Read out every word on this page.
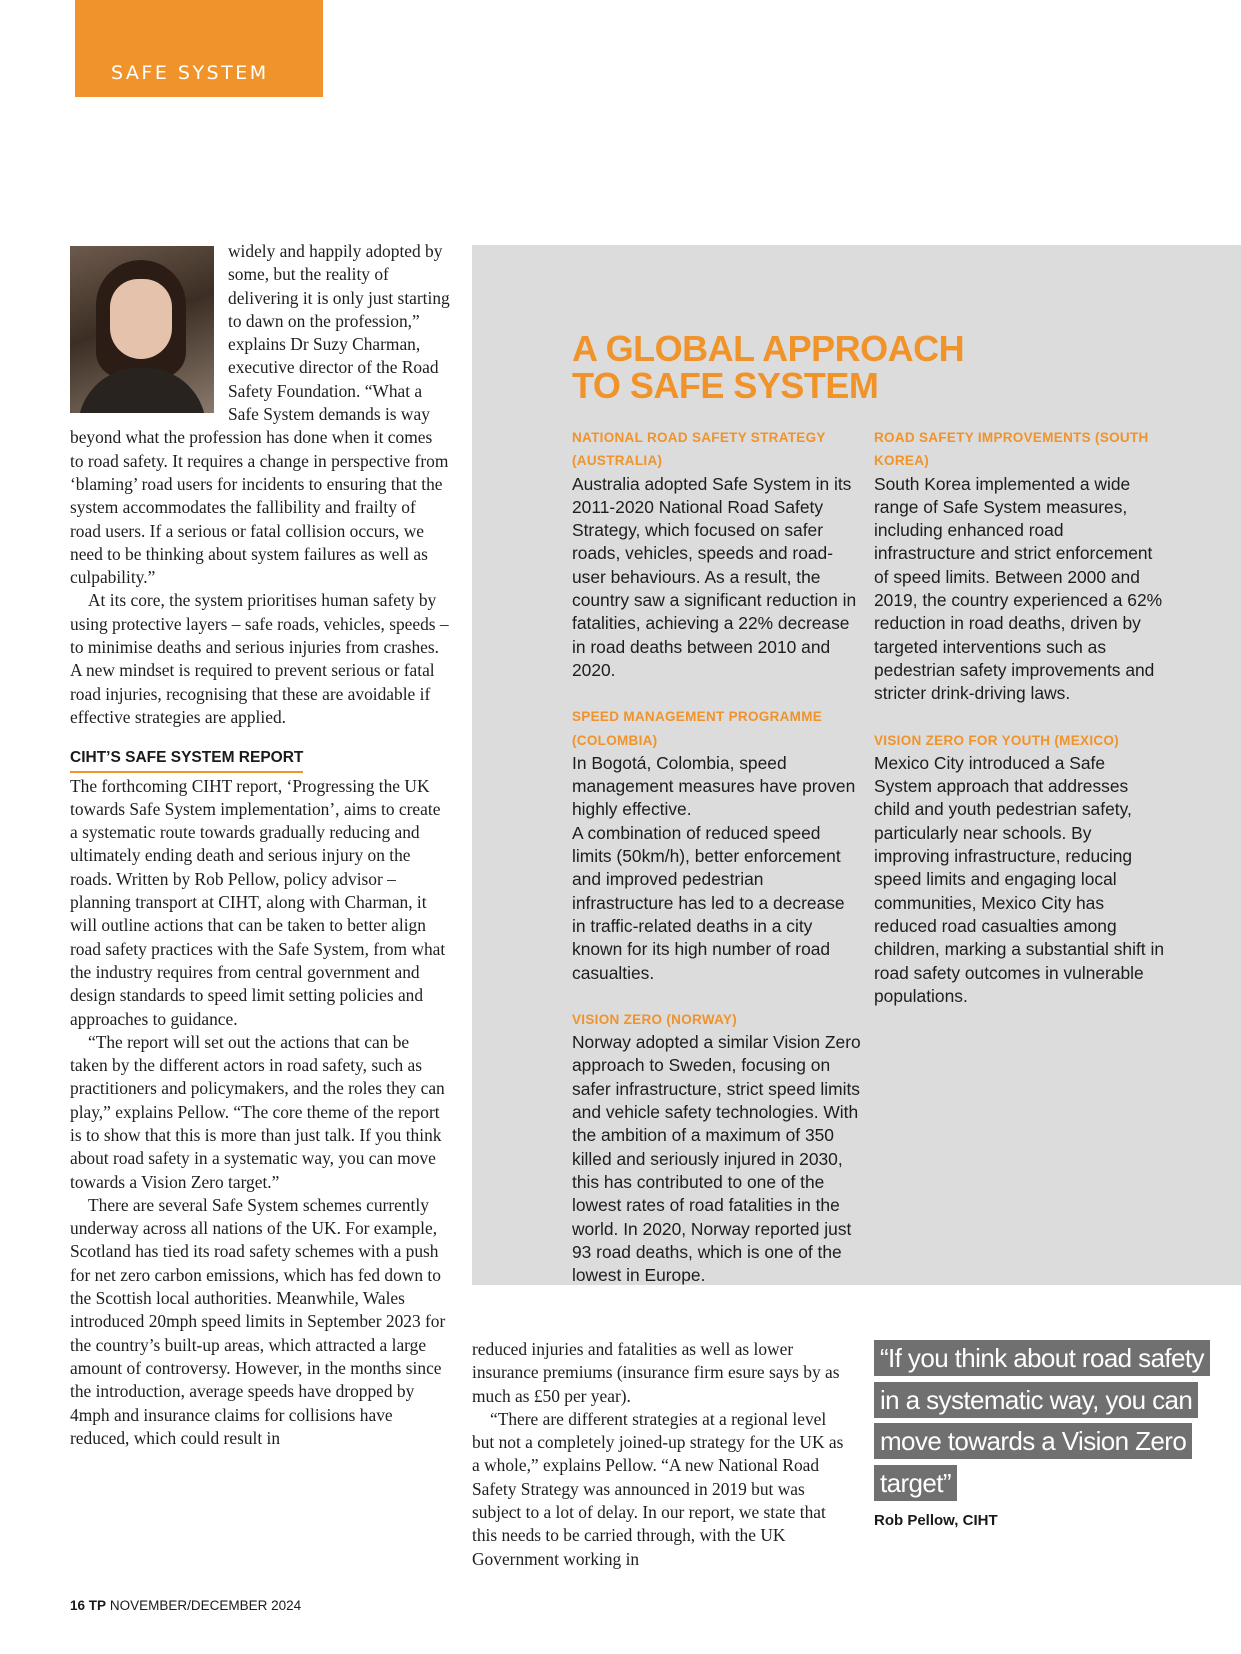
SAFE SYSTEM

widely and happily adopted by some, but the reality of delivering it is only just starting to dawn on the profession,” explains Dr Suzy Charman, executive director of the Road Safety Foundation. “What a Safe System demands is way beyond what the profession has done when it comes to road safety. It requires a change in perspective from ‘blaming’ road users for incidents to ensuring that the system accommodates the fallibility and frailty of road users. If a serious or fatal collision occurs, we need to be thinking about system failures as well as culpability.”

At its core, the system prioritises human safety by using protective layers – safe roads, vehicles, speeds – to minimise deaths and serious injuries from crashes. A new mindset is required to prevent serious or fatal road injuries, recognising that these are avoidable if effective strategies are applied.

CIHT’S SAFE SYSTEM REPORT

The forthcoming CIHT report, ‘Progressing the UK towards Safe System implementation’, aims to create a systematic route towards gradually reducing and ultimately ending death and serious injury on the roads. Written by Rob Pellow, policy advisor – planning transport at CIHT, along with Charman, it will outline actions that can be taken to better align road safety practices with the Safe System, from what the industry requires from central government and design standards to speed limit setting policies and approaches to guidance.

“The report will set out the actions that can be taken by the different actors in road safety, such as practitioners and policymakers, and the roles they can play,” explains Pellow. “The core theme of the report is to show that this is more than just talk. If you think about road safety in a systematic way, you can move towards a Vision Zero target.”

There are several Safe System schemes currently underway across all nations of the UK. For example, Scotland has tied its road safety schemes with a push for net zero carbon emissions, which has fed down to the Scottish local authorities. Meanwhile, Wales introduced 20mph speed limits in September 2023 for the country’s built-up areas, which attracted a large amount of controversy. However, in the months since the introduction, average speeds have dropped by 4mph and insurance claims for collisions have reduced, which could result in

A GLOBAL APPROACH TO SAFE SYSTEM

NATIONAL ROAD SAFETY STRATEGY (AUSTRALIA)
Australia adopted Safe System in its 2011-2020 National Road Safety Strategy, which focused on safer roads, vehicles, speeds and road-user behaviours. As a result, the country saw a significant reduction in fatalities, achieving a 22% decrease in road deaths between 2010 and 2020.

SPEED MANAGEMENT PROGRAMME (COLOMBIA)
In Bogotá, Colombia, speed management measures have proven highly effective.
A combination of reduced speed limits (50km/h), better enforcement and improved pedestrian infrastructure has led to a decrease in traffic-related deaths in a city known for its high number of road casualties.

VISION ZERO (NORWAY)
Norway adopted a similar Vision Zero approach to Sweden, focusing on safer infrastructure, strict speed limits and vehicle safety technologies. With the ambition of a maximum of 350 killed and seriously injured in 2030, this has contributed to one of the lowest rates of road fatalities in the world. In 2020, Norway reported just 93 road deaths, which is one of the lowest in Europe.

ROAD SAFETY IMPROVEMENTS (SOUTH KOREA)
South Korea implemented a wide range of Safe System measures, including enhanced road infrastructure and strict enforcement of speed limits. Between 2000 and 2019, the country experienced a 62% reduction in road deaths, driven by targeted interventions such as pedestrian safety improvements and stricter drink-driving laws.

VISION ZERO FOR YOUTH (MEXICO)
Mexico City introduced a Safe System approach that addresses child and youth pedestrian safety, particularly near schools. By improving infrastructure, reducing speed limits and engaging local communities, Mexico City has reduced road casualties among children, marking a substantial shift in road safety outcomes in vulnerable populations.

reduced injuries and fatalities as well as lower insurance premiums (insurance firm esure says by as much as £50 per year).

“There are different strategies at a regional level but not a completely joined-up strategy for the UK as a whole,” explains Pellow. “A new National Road Safety Strategy was announced in 2019 but was subject to a lot of delay. In our report, we state that this needs to be carried through, with the UK Government working in

“If you think about road safety in a systematic way, you can move towards a Vision Zero target”
Rob Pellow, CIHT
16 TP NOVEMBER/DECEMBER 2024
